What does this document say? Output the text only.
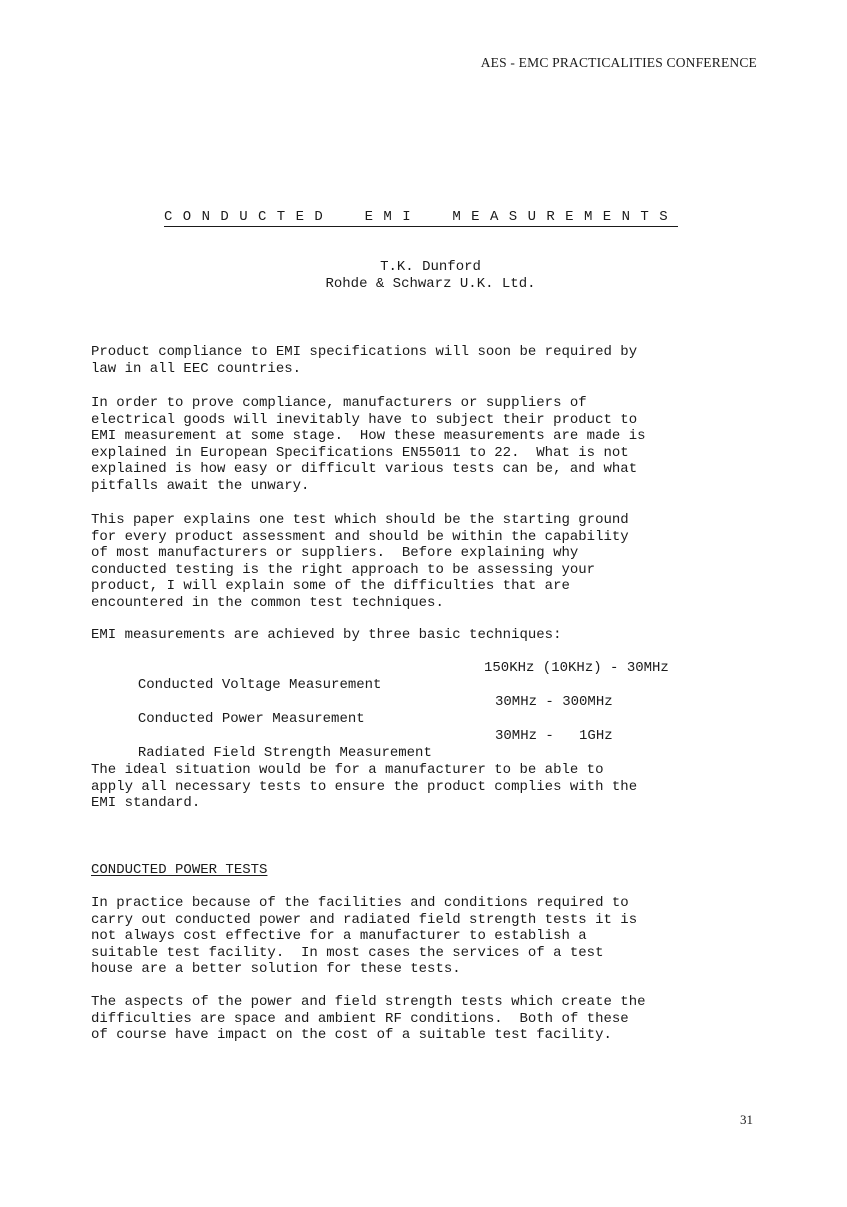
AES - EMC PRACTICALITIES CONFERENCE
CONDUCTED EMI MEASUREMENTS
T.K. Dunford
Rohde & Schwarz U.K. Ltd.
Product compliance to EMI specifications will soon be required by
law in all EEC countries.
In order to prove compliance, manufacturers or suppliers of
electrical goods will inevitably have to subject their product to
EMI measurement at some stage.  How these measurements are made is
explained in European Specifications EN55011 to 22.  What is not
explained is how easy or difficult various tests can be, and what
pitfalls await the unwary.
This paper explains one test which should be the starting ground
for every product assessment and should be within the capability
of most manufacturers or suppliers.  Before explaining why
conducted testing is the right approach to be assessing your
product, I will explain some of the difficulties that are
encountered in the common test techniques.
EMI measurements are achieved by three basic techniques:

Conducted Voltage Measurement

150KHz (10KHz) - 30MHz

Conducted Power Measurement

30MHz - 300MHz

Radiated Field Strength Measurement

30MHz -   1GHz

The ideal situation would be for a manufacturer to be able to
apply all necessary tests to ensure the product complies with the
EMI standard.
CONDUCTED POWER TESTS
In practice because of the facilities and conditions required to
carry out conducted power and radiated field strength tests it is
not always cost effective for a manufacturer to establish a
suitable test facility.  In most cases the services of a test
house are a better solution for these tests.
The aspects of the power and field strength tests which create the
difficulties are space and ambient RF conditions.  Both of these
of course have impact on the cost of a suitable test facility.
31
